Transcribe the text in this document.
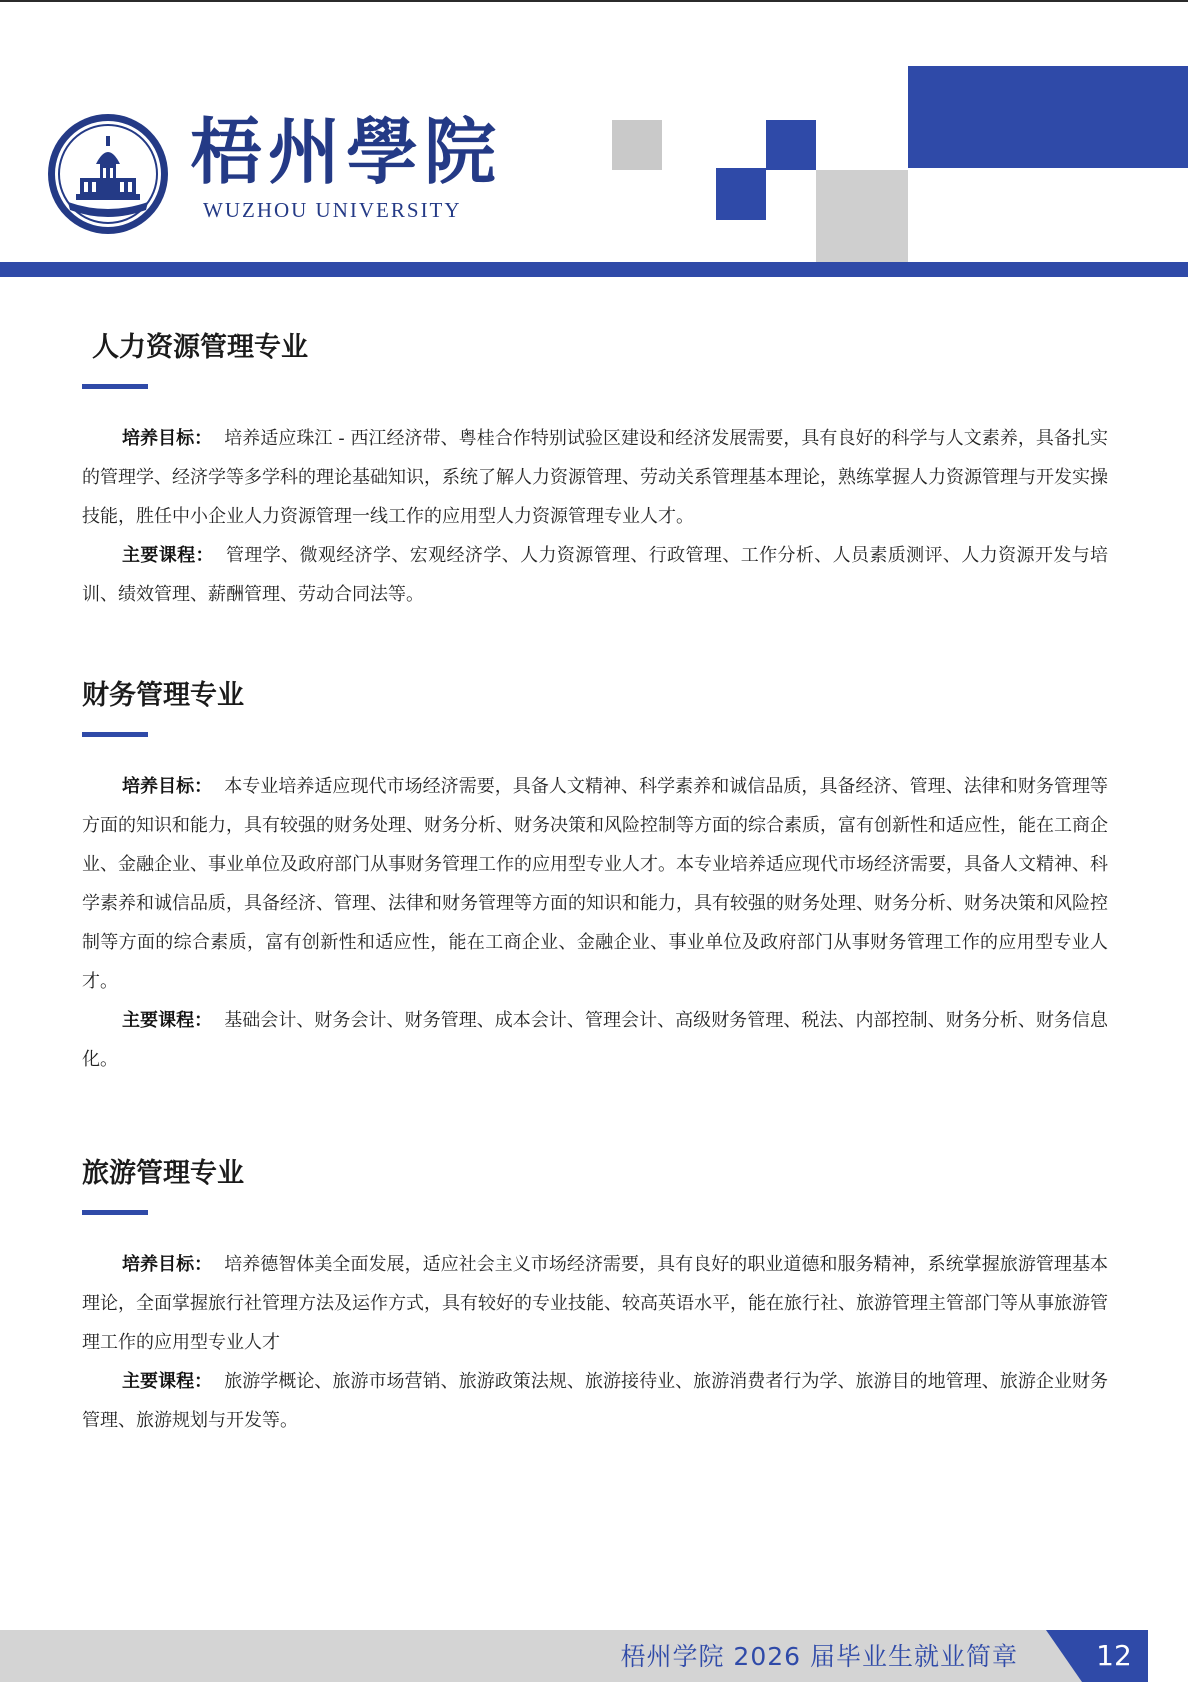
梧州學院
WUZHOU UNIVERSITY
人力资源管理专业

培养目标： 培养适应珠江 - 西江经济带、粤桂合作特别试验区建设和经济发展需要，具有良好的科学与人文素养，具备扎实的管理学、经济学等多学科的理论基础知识，系统了解人力资源管理、劳动关系管理基本理论，熟练掌握人力资源管理与开发实操技能，胜任中小企业人力资源管理一线工作的应用型人力资源管理专业人才。

主要课程： 管理学、微观经济学、宏观经济学、人力资源管理、行政管理、工作分析、人员素质测评、人力资源开发与培训、绩效管理、薪酬管理、劳动合同法等。

财务管理专业

培养目标： 本专业培养适应现代市场经济需要，具备人文精神、科学素养和诚信品质，具备经济、管理、法律和财务管理等方面的知识和能力，具有较强的财务处理、财务分析、财务决策和风险控制等方面的综合素质，富有创新性和适应性，能在工商企业、金融企业、事业单位及政府部门从事财务管理工作的应用型专业人才。本专业培养适应现代市场经济需要，具备人文精神、科学素养和诚信品质，具备经济、管理、法律和财务管理等方面的知识和能力，具有较强的财务处理、财务分析、财务决策和风险控制等方面的综合素质，富有创新性和适应性，能在工商企业、金融企业、事业单位及政府部门从事财务管理工作的应用型专业人才。

主要课程： 基础会计、财务会计、财务管理、成本会计、管理会计、高级财务管理、税法、内部控制、财务分析、财务信息化。

旅游管理专业

培养目标： 培养德智体美全面发展，适应社会主义市场经济需要，具有良好的职业道德和服务精神，系统掌握旅游管理基本理论，全面掌握旅行社管理方法及运作方式，具有较好的专业技能、较高英语水平，能在旅行社、旅游管理主管部门等从事旅游管理工作的应用型专业人才

主要课程： 旅游学概论、旅游市场营销、旅游政策法规、旅游接待业、旅游消费者行为学、旅游目的地管理、旅游企业财务管理、旅游规划与开发等。

梧州学院 2026 届毕业生就业简章	12
